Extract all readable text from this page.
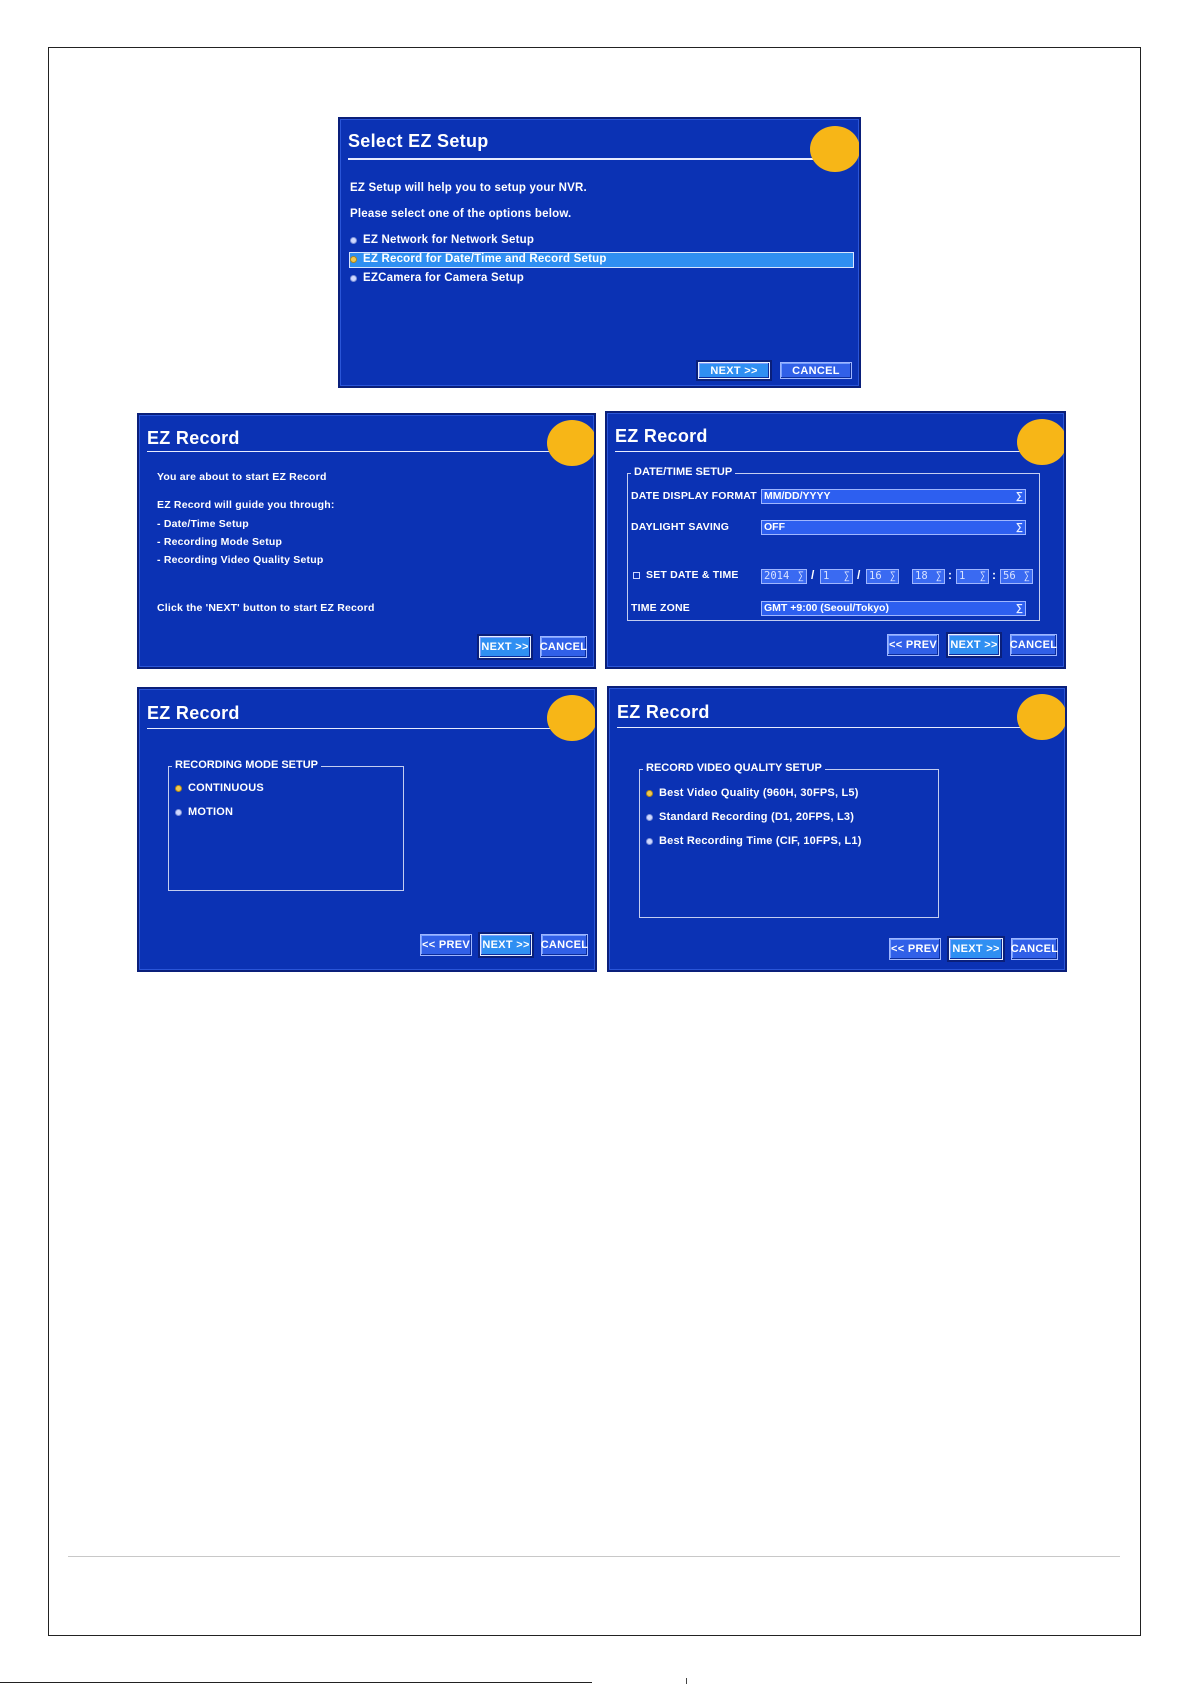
Select EZ Setup
EZ Setup will help you to setup your NVR.
Please select one of the options below.
EZ Network for Network Setup
EZ Record for Date/Time and Record Setup
EZCamera for Camera Setup
NEXT >>	CANCEL
EZ Record
You are about to start EZ Record
EZ Record will guide you through:
- Date/Time Setup
- Recording Mode Setup
- Recording Video Quality Setup
Click the 'NEXT' button to start EZ Record
NEXT >> CANCEL
EZ Record
DATE/TIME SETUP
DATE DISPLAY FORMAT MM/DD/YYYY	∑
DAYLIGHT SAVING	OFF	∑
SET DATE & TIME 2014 ∑ / 1 ∑ / 16 ∑ 18 ∑ : 1 ∑ : 56 ∑
TIME ZONE	GMT +9:00 (Seoul/Tokyo)	∑
<< PREV NEXT >> CANCEL
EZ Record
RECORDING MODE SETUP
CONTINUOUS
MOTION
<< PREV NEXT >> CANCEL
EZ Record
RECORD VIDEO QUALITY SETUP
Best Video Quality (960H, 30FPS, L5)
Standard Recording (D1, 20FPS, L3)
Best Recording Time (CIF, 10FPS, L1)
<< PREV	NEXT >>	CANCEL
